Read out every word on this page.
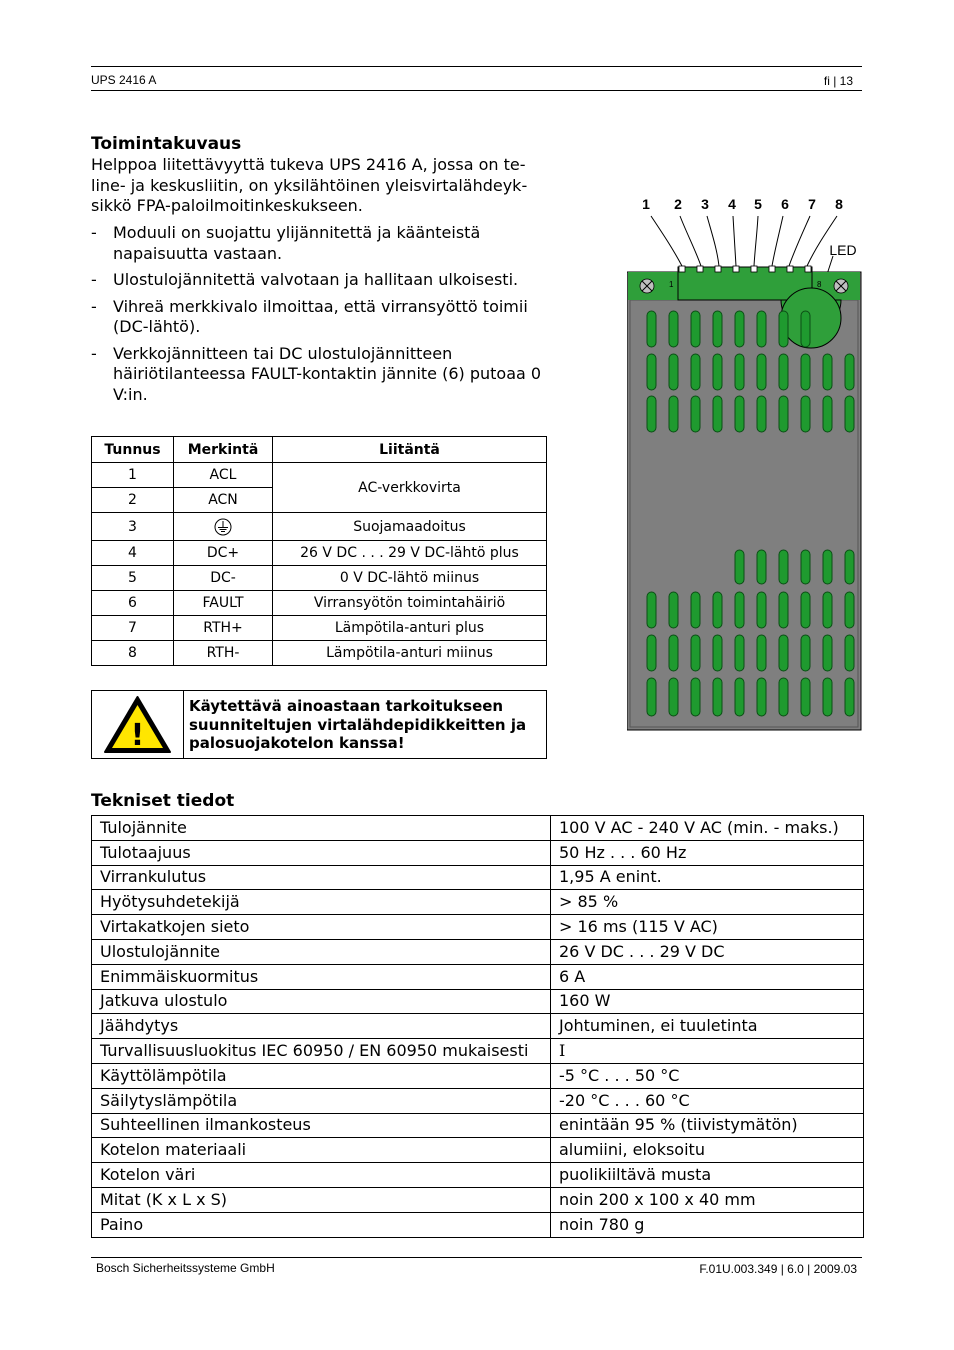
UPS 2416 A	fi | 13
Toimintakuvaus

Helppoa liitettävyyttä tukeva UPS 2416 A, jossa on te-

line- ja keskusliitin, on yksilähtöinen yleisvirtalähdeyk-

sikkö FPA-paloilmoitinkeskukseen.

- Moduuli on suojattu ylijännitettä ja käänteistä napaisuutta vastaan.
- Ulostulojännitettä valvotaan ja hallitaan ulkoisesti.
- Vihreä merkkivalo ilmoittaa, että virransyöttö toimii (DC-lähtö).
- Verkkojännitteen tai DC ulostulojännitteen häiriötilanteessa FAULT-kontaktin jännite (6) putoaa 0 V:in.
Tunnus	Merkintä	Liitäntä
1	ACL	AC-verkkovirta
2	ACN	
3		Suojamaadoitus
4	DC+	26 V DC . . . 29 V DC-lähtö plus
5	DC-	0 V DC-lähtö miinus
6	FAULT	Virransyötön toimintahäiriö
7	RTH+	Lämpötila-anturi plus
8	RTH-	Lämpötila-anturi miinus
!
Käytettävä ainoastaan tarkoitukseen
suunniteltujen virtalähdepidikkeitten ja
palosuojakotelon kanssa!
1 2 3 4 5 6 7 8
LED
1	8
Tekniset tiedot
Tulojännite	100 V AC - 240 V AC (min. - maks.)
Tulotaajuus	50 Hz . . . 60 Hz
Virrankulutus	1,95 A enint.
Hyötysuhdetekijä	> 85 %
Virtakatkojen sieto	> 16 ms (115 V AC)
Ulostulojännite	26 V DC . . . 29 V DC
Enimmäiskuormitus	6 A
Jatkuva ulostulo	160 W
Jäähdytys	Johtuminen, ei tuuletinta
Turvallisuusluokitus IEC 60950 / EN 60950 mukaisesti	I
Käyttölämpötila	-5 °C . . . 50 °C
Säilytyslämpötila	-20 °C . . . 60 °C
Suhteellinen ilmankosteus	enintään 95 % (tiivistymätön)
Kotelon materiaali	alumiini, eloksoitu
Kotelon väri	puolikiiltävä musta
Mitat (K x L x S)	noin 200 x 100 x 40 mm
Paino	noin 780 g
Bosch Sicherheitssysteme GmbH	F.01U.003.349 | 6.0 | 2009.03
